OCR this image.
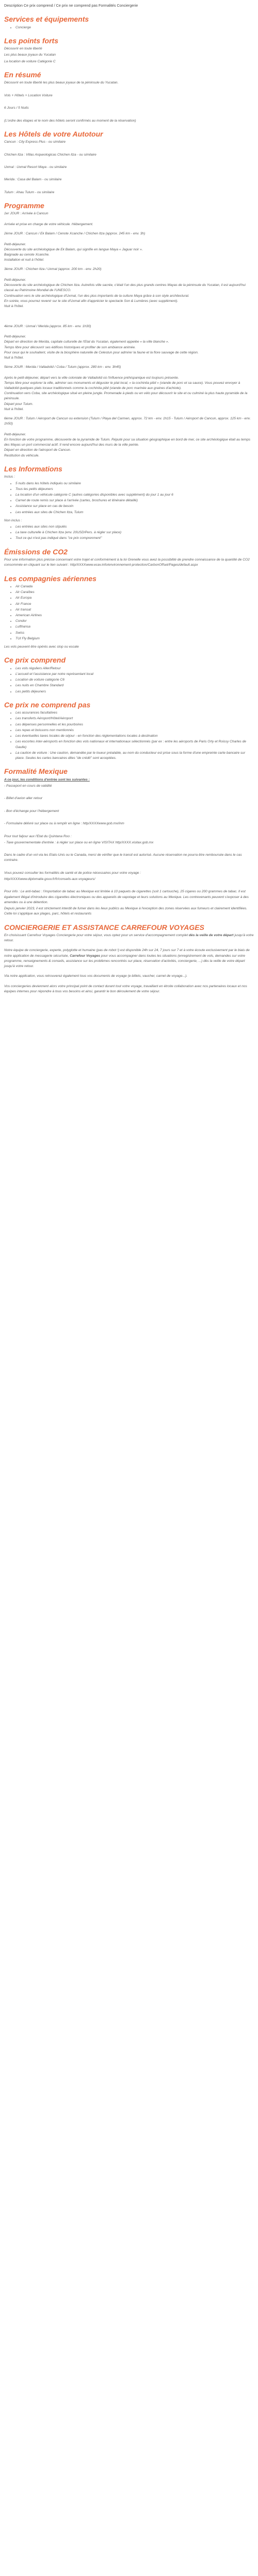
Description Ce prix comprend / Ce prix ne comprend pas Formalités Conciergerie
Services et équipements
• Concierge
Les points forts

Découvrir en toute liberté

Les plus beaux joyaux du Yucatan

La location de voiture Catégorie C

En résumé

Découvrir en toute liberté les plus beaux joyaux de la péninsule du Yucatan.

Vols + Hôtels + Location Voiture

6 Jours / 5 Nuits

(L'ordre des étapes et le nom des hôtels seront confirmés au moment de la réservation)

Les Hôtels de votre Autotour

Cancun : City Express Plus - ou similaire

Chichen Itza : Villas Arqueologicas Chichen Itza - ou similaire

Uxmal : Uxmal Resort Maya - ou similaire

Merida : Casa del Balam - ou similaire

Tulum : Ahau Tulum - ou similaire

Programme

1er JOUR : Arrivée à Cancun

Arrivée et prise en charge de votre véhicule. Hébergement.

2ème JOUR : Cancun / Ek Balam / Cenote Xcanche / Chichen Itza (approx. 245 km - env. 3h)

Petit-déjeuner.

Découverte du site archéologique de Ek Balam, qui signifie en langue Maya « Jaguar noir ».

Baignade au cenote Xcanche.

Installation et nuit à l'hôtel.

3ème JOUR : Chichen Itza / Uxmal (approx. 200 km - env. 2h20)

Petit-déjeuner.

Découverte du site archéologique de Chichen Itza. Autrefois ville sacrée, c'était l'un des plus grands centres Mayas de la péninsule du Yucatan, il est aujourd'hui classé au Patrimoine Mondial de l'UNESCO.

Continuation vers le site archéologique d'Uxmal, l'un des plus importants de la culture Maya grâce à son style architectural.

En soirée, vous pourrez revenir sur le site d'Uxmal afin d'apprécier le spectacle Son & Lumières (avec supplément).

Nuit à l'hôtel.

4ème JOUR : Uxmal / Merida (approx. 85 km - env. 1h30)

Petit-déjeuner.

Départ en direction de Merida, capitale culturelle de l'Etat du Yucatan, également appelée « la ville blanche ».

Temps libre pour découvrir ses édifices historiques et profiter de son ambiance animée.

Pour ceux qui le souhaitent, visite de la biosphère naturelle de Celestun pour admirer la faune et la flore sauvage de cette région.

Nuit à l'hôtel.

5ème JOUR : Merida / Valladolid / Coba / Tulum (approx. 280 km - env. 3h45)

Après le petit-déjeuner, départ vers la ville coloniale de Valladolid où l'influence préhispanique est toujours présente.

Temps libre pour explorer la ville, admirer ses monuments et déguster le plat local, « la cochinita pibil » (viande de porc et sa sauce). Vous pouvez envoyer à Valladolid quelques plats locaux traditionnels comme la cochinita pibil (viande de porc marinée aux graines d'achiote).

Continuation vers Coba, site archéologique situé en pleine jungle. Promenade à pieds ou en vélo pour découvrir le site et ou culminé la plus haute pyramide de la péninsule.

Départ pour Tulum.

Nuit à l'hôtel.

6ème JOUR : Tulum / Aéroport de Cancun ou extension (Tulum / Playa del Carmen, approx. 72 km - env. 1h15 - Tulum / Aéroport de Cancun, approx. 125 km - env. 1h50)

Petit-déjeuner.

En fonction de votre programme, découverte de la pyramide de Tulum. Réputé pour sa situation géographique en bord de mer, ce site archéologique était au temps des Mayas un port commercial actif. Il rend encore aujourd'hui des murs de la ville peinte.

Départ en direction de l'aéroport de Cancun.

Restitution du véhicule.

Les Informations

Inclus :

• 5 nuits dans les hôtels indiqués ou similaire
• Tous les petits déjeuners
• La location d'un véhicule catégorie C (autres catégories disponibles avec supplément) du jour 1 au jour 6
• Carnet de route remis sur place à l'arrivée (cartes, brochures et itinéraire détaillé)
• Assistance sur place en cas de besoin
• Les entrées aux sites de Chichen Itza, Tulum

Non inclus :

• Les entrées aux sites non stipulés
• La taxe culturelle à Chichen Itza (env. 20USD/Pers. à régler sur place)
• Tout ce qui n'est pas indiqué dans "ce prix comprenment"
Émissions de CO2

Pour une information plus précise concernant votre trajet et conformément à la loi Grenelle vous avez la possibilité de prendre connaissance de la quantité de CO2 consommée en cliquant sur le lien suivant : http/XXXXwww.ecav.info/environnement-protection/CarbonOffset/Pages/default.aspx

Les compagnies aériennes
• Air Canada
• Air Caraïbes
• Air Europa
• Air France
• Air transat
• American Airlines
• Condor
• Lufthansa
• Swiss
• TUI Fly Belgium

Les vols peuvent être opérés avec stop ou escale

Ce prix comprend
• Les vols réguliers Aller/Retour
• L'accueil et l'assistance par notre représentant local
• Location de voiture catégorie C6
• Les nuits en Chambre Standard
• Les petits déjeuners
Ce prix ne comprend pas
• Les assurances facultatives
• Les transferts Aéroport/Hôtel/Aéroport
• Les dépenses personnelles et les pourboires
• Les repas et boissons non mentionnés
• Les éventuelles taxes locales de séjour - en fonction des réglementations locales à destination
• Les escortes inter-aéroports en fonction des vols nationaux et internationaux sélectionnés (par ex : entre les aéroports de Paris Orly et Roissy Charles de Gaulle)
• La caution de voiture : Une caution, demandée par le loueur préalable, au nom du conducteur est prise sous la forme d'une empreinte carte bancaire sur place. Seules les cartes bancaires dites "de crédit" sont acceptées.
Formalité Mexique

A ce jour, les conditions d'entrée sont les suivantes :

- Passeport en cours de validité

- Billet d'avion aller retour

- Bon d'échange pour l'hébergement

- Formulaire délivré sur place ou à remplir en ligne : http/XXXXwww.gob.mx/inm

Pour tout faljour aux l'Etat du Quintana Roo :

- Taxe gouvernementale d'entrée : à régler sur place ou en ligne VISITAX http/XXXX.visitax.gob.mx

Dans le cadre d'un vol via les Etats-Unis ou le Canada, merci de vérifier que le transit est autorisé. Aucune réservation ne pourra être remboursée dans le cas contraire.

Vous pouvez consulter les formalités de santé et de police nécessaires pour votre voyage :

http/XXXXwww.diplomatie.gouv.fr/fr/conseils-aux-voyageurs/

Pour info : Le anti-tabac : l'importation de tabac au Mexique est limitée à 10 paquets de cigarettes (soit 1 cartouche), 25 cigares ou 200 grammes de tabac. Il est également illégal d'introduire des cigarettes électroniques ou des appareils de vapotage et leurs solutions au Mexique. Les contrevenants peuvent s'exposer à des amendes ou à une détention.

Depuis janvier 2023, il est strictement interdit de fumer dans les lieux publics au Mexique à l'exception des zones réservées aux fumeurs et clairement identifiées. Cette loi s'applique aux plages, parc, hôtels et restaurants

CONCIERGERIE ET ASSISTANCE CARREFOUR VOYAGES

En choisissant Carrefour Voyages Conciergerie pour votre séjour, vous optez pour un service d'accompagnement complet dès la veille de votre départ jusqu'à votre retour.

Notre équipe de conciergerie, experte, polyglotte et humaine (pas de robot !) est disponible 24h sur 24, 7 jours sur 7 et à votre écoute exclusivement par le biais de notre application de messagerie sécurisée, Carrefour Voyages pour vous accompagner dans toutes les situations (enregistrement de vols, demandes sur votre programme, renseignements & conseils, assistance sur les problèmes rencontrés sur place, réservation d'activités, conciergerie, ...) dès la veille de votre départ jusqu'à votre retour.

Via notre application, vous retrouverez également tous vos documents de voyage (e-billets, vaucher, carnet de voyage...).

Vos conciergeries deviennent alors votre principal point de contact durant tout votre voyage, travaillant en étroite collaboration avec nos partenaires locaux et nos équipes internes pour répondre à tous vos besoins et ainsi, garantir le bon déroulement de votre séjour.
